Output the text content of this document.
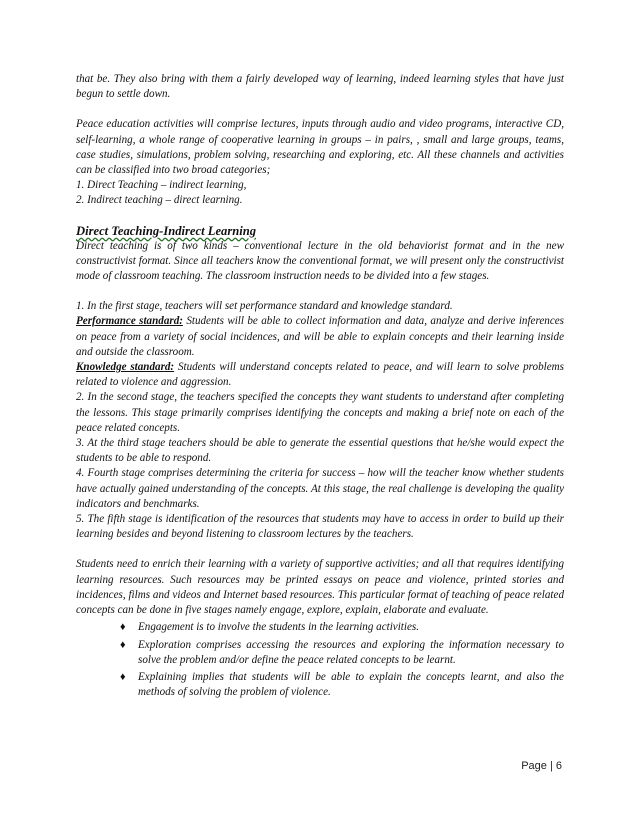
that be. They also bring with them a fairly developed way of learning, indeed learning styles that have just begun to settle down.

Peace education activities will comprise lectures, inputs through audio and video programs, interactive CD, self-learning, a whole range of cooperative learning in groups – in pairs, , small and large groups, teams, case studies, simulations, problem solving, researching and exploring, etc. All these channels and activities can be classified into two broad categories;

1. Direct Teaching – indirect learning,

2. Indirect teaching – direct learning.

Direct Teaching-Indirect Learning

Direct teaching is of two kinds – conventional lecture in the old behaviorist format and in the new constructivist format. Since all teachers know the conventional format, we will present only the constructivist mode of classroom teaching. The classroom instruction needs to be divided into a few stages.

1. In the first stage, teachers will set performance standard and knowledge standard.

Performance standard: Students will be able to collect information and data, analyze and derive inferences on peace from a variety of social incidences, and will be able to explain concepts and their learning inside and outside the classroom.

Knowledge standard: Students will understand concepts related to peace, and will learn to solve problems related to violence and aggression.

2. In the second stage, the teachers specified the concepts they want students to understand after completing the lessons. This stage primarily comprises identifying the concepts and making a brief note on each of the peace related concepts.

3. At the third stage teachers should be able to generate the essential questions that he/she would expect the students to be able to respond.

4. Fourth stage comprises determining the criteria for success – how will the teacher know whether students have actually gained understanding of the concepts. At this stage, the real challenge is developing the quality indicators and benchmarks.

5. The fifth stage is identification of the resources that students may have to access in order to build up their learning besides and beyond listening to classroom lectures by the teachers.

Students need to enrich their learning with a variety of supportive activities; and all that requires identifying learning resources. Such resources may be printed essays on peace and violence, printed stories and incidences, films and videos and Internet based resources. This particular format of teaching of peace related concepts can be done in five stages namely engage, explore, explain, elaborate and evaluate.

♦ Engagement is to involve the students in the learning activities.
♦ Exploration comprises accessing the resources and exploring the information necessary to solve the problem and/or define the peace related concepts to be learnt.
♦ Explaining implies that students will be able to explain the concepts learnt, and also the methods of solving the problem of violence.
Page | 6
